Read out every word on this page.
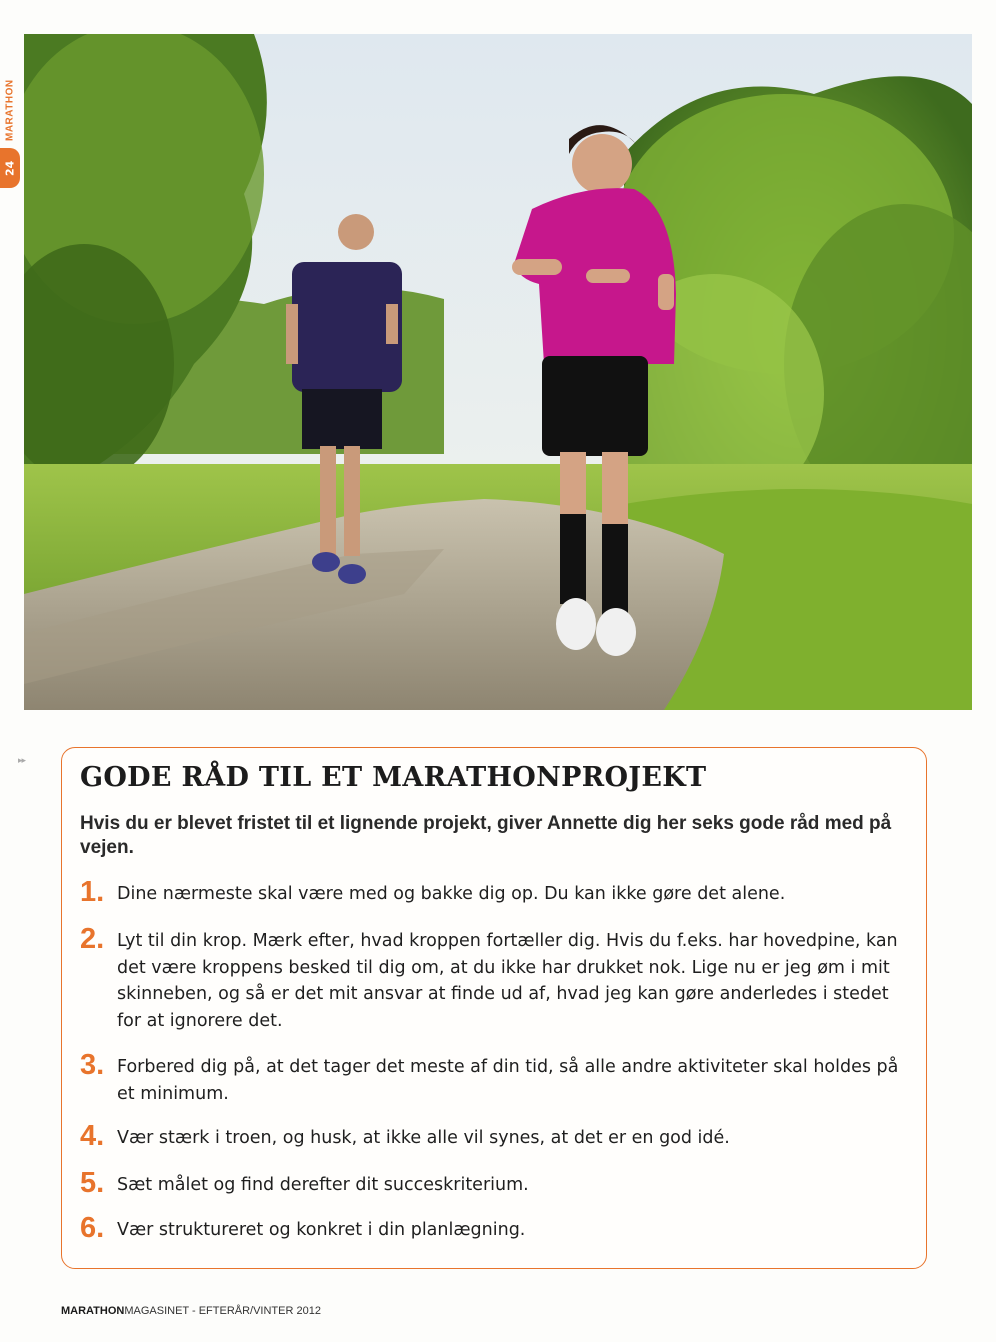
MARATHON
24
▸▸
GODE RÅD TIL ET MARATHONPROJEKT

Hvis du er blevet fristet til et lignende projekt, giver Annette dig her seks gode råd med på vejen.

1. Dine nærmeste skal være med og bakke dig op. Du kan ikke gøre det alene.
2. Lyt til din krop. Mærk efter, hvad kroppen fortæller dig. Hvis du f.eks. har hovedpine, kan det være kroppens besked til dig om, at du ikke har drukket nok. Lige nu er jeg øm i mit skinneben, og så er det mit ansvar at finde ud af, hvad jeg kan gøre anderledes i stedet for at ignorere det.
3. Forbered dig på, at det tager det meste af din tid, så alle andre aktiviteter skal holdes på et minimum.
4. Vær stærk i troen, og husk, at ikke alle vil synes, at det er en god idé.
5. Sæt målet og find derefter dit succeskriterium.
6. Vær struktureret og konkret i din planlægning.
MARATHONMAGASINET - EFTERÅR/VINTER 2012
